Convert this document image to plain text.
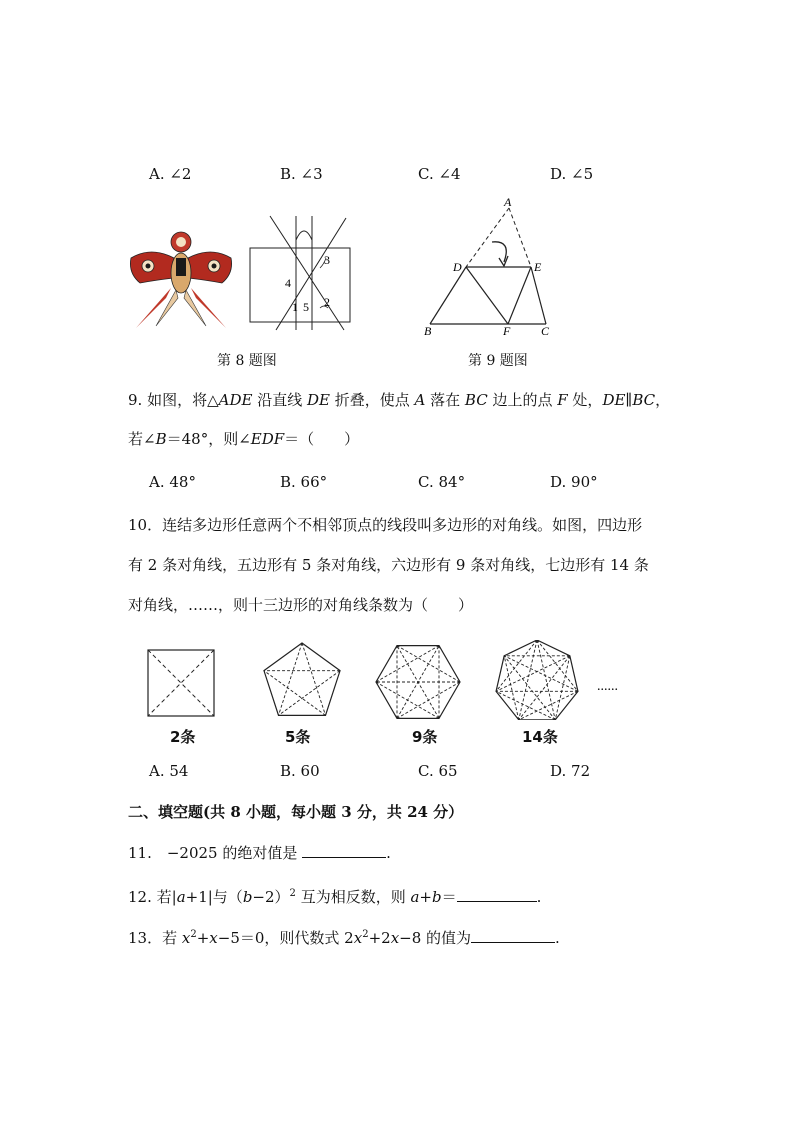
A. ∠2	B. ∠3	C. ∠4	D. ∠5
3
4
1 5 2
A
B	C
D	E
F
第 8 题图	第 9 题图
9. 如图，将△ADE 沿直线 DE 折叠，使点 A 落在 BC 边上的点 F 处，DE∥BC，
若∠B＝48°，则∠EDF＝（　　）
A. 48°	B. 66°	C. 84°	D. 90°
10．连结多边形任意两个不相邻顶点的线段叫多边形的对角线。如图，四边形
有 2 条对角线，五边形有 5 条对角线，六边形有 9 条对角线，七边形有 14 条
对角线，……，则十三边形的对角线条数为（　　）
......
2条	5条	9条	14条
A. 54	B. 60	C. 65	D. 72
二、填空题(共 8 小题，每小题 3 分，共 24 分）
11.　−2025 的绝对值是	.
12. 若|a+1|与$(b-2)^2$ 互为相反数，则 a+b＝	.
13．若 $x^2+x-5=0$，则代数式 $2x^2+2x-8$ 的值为	.
